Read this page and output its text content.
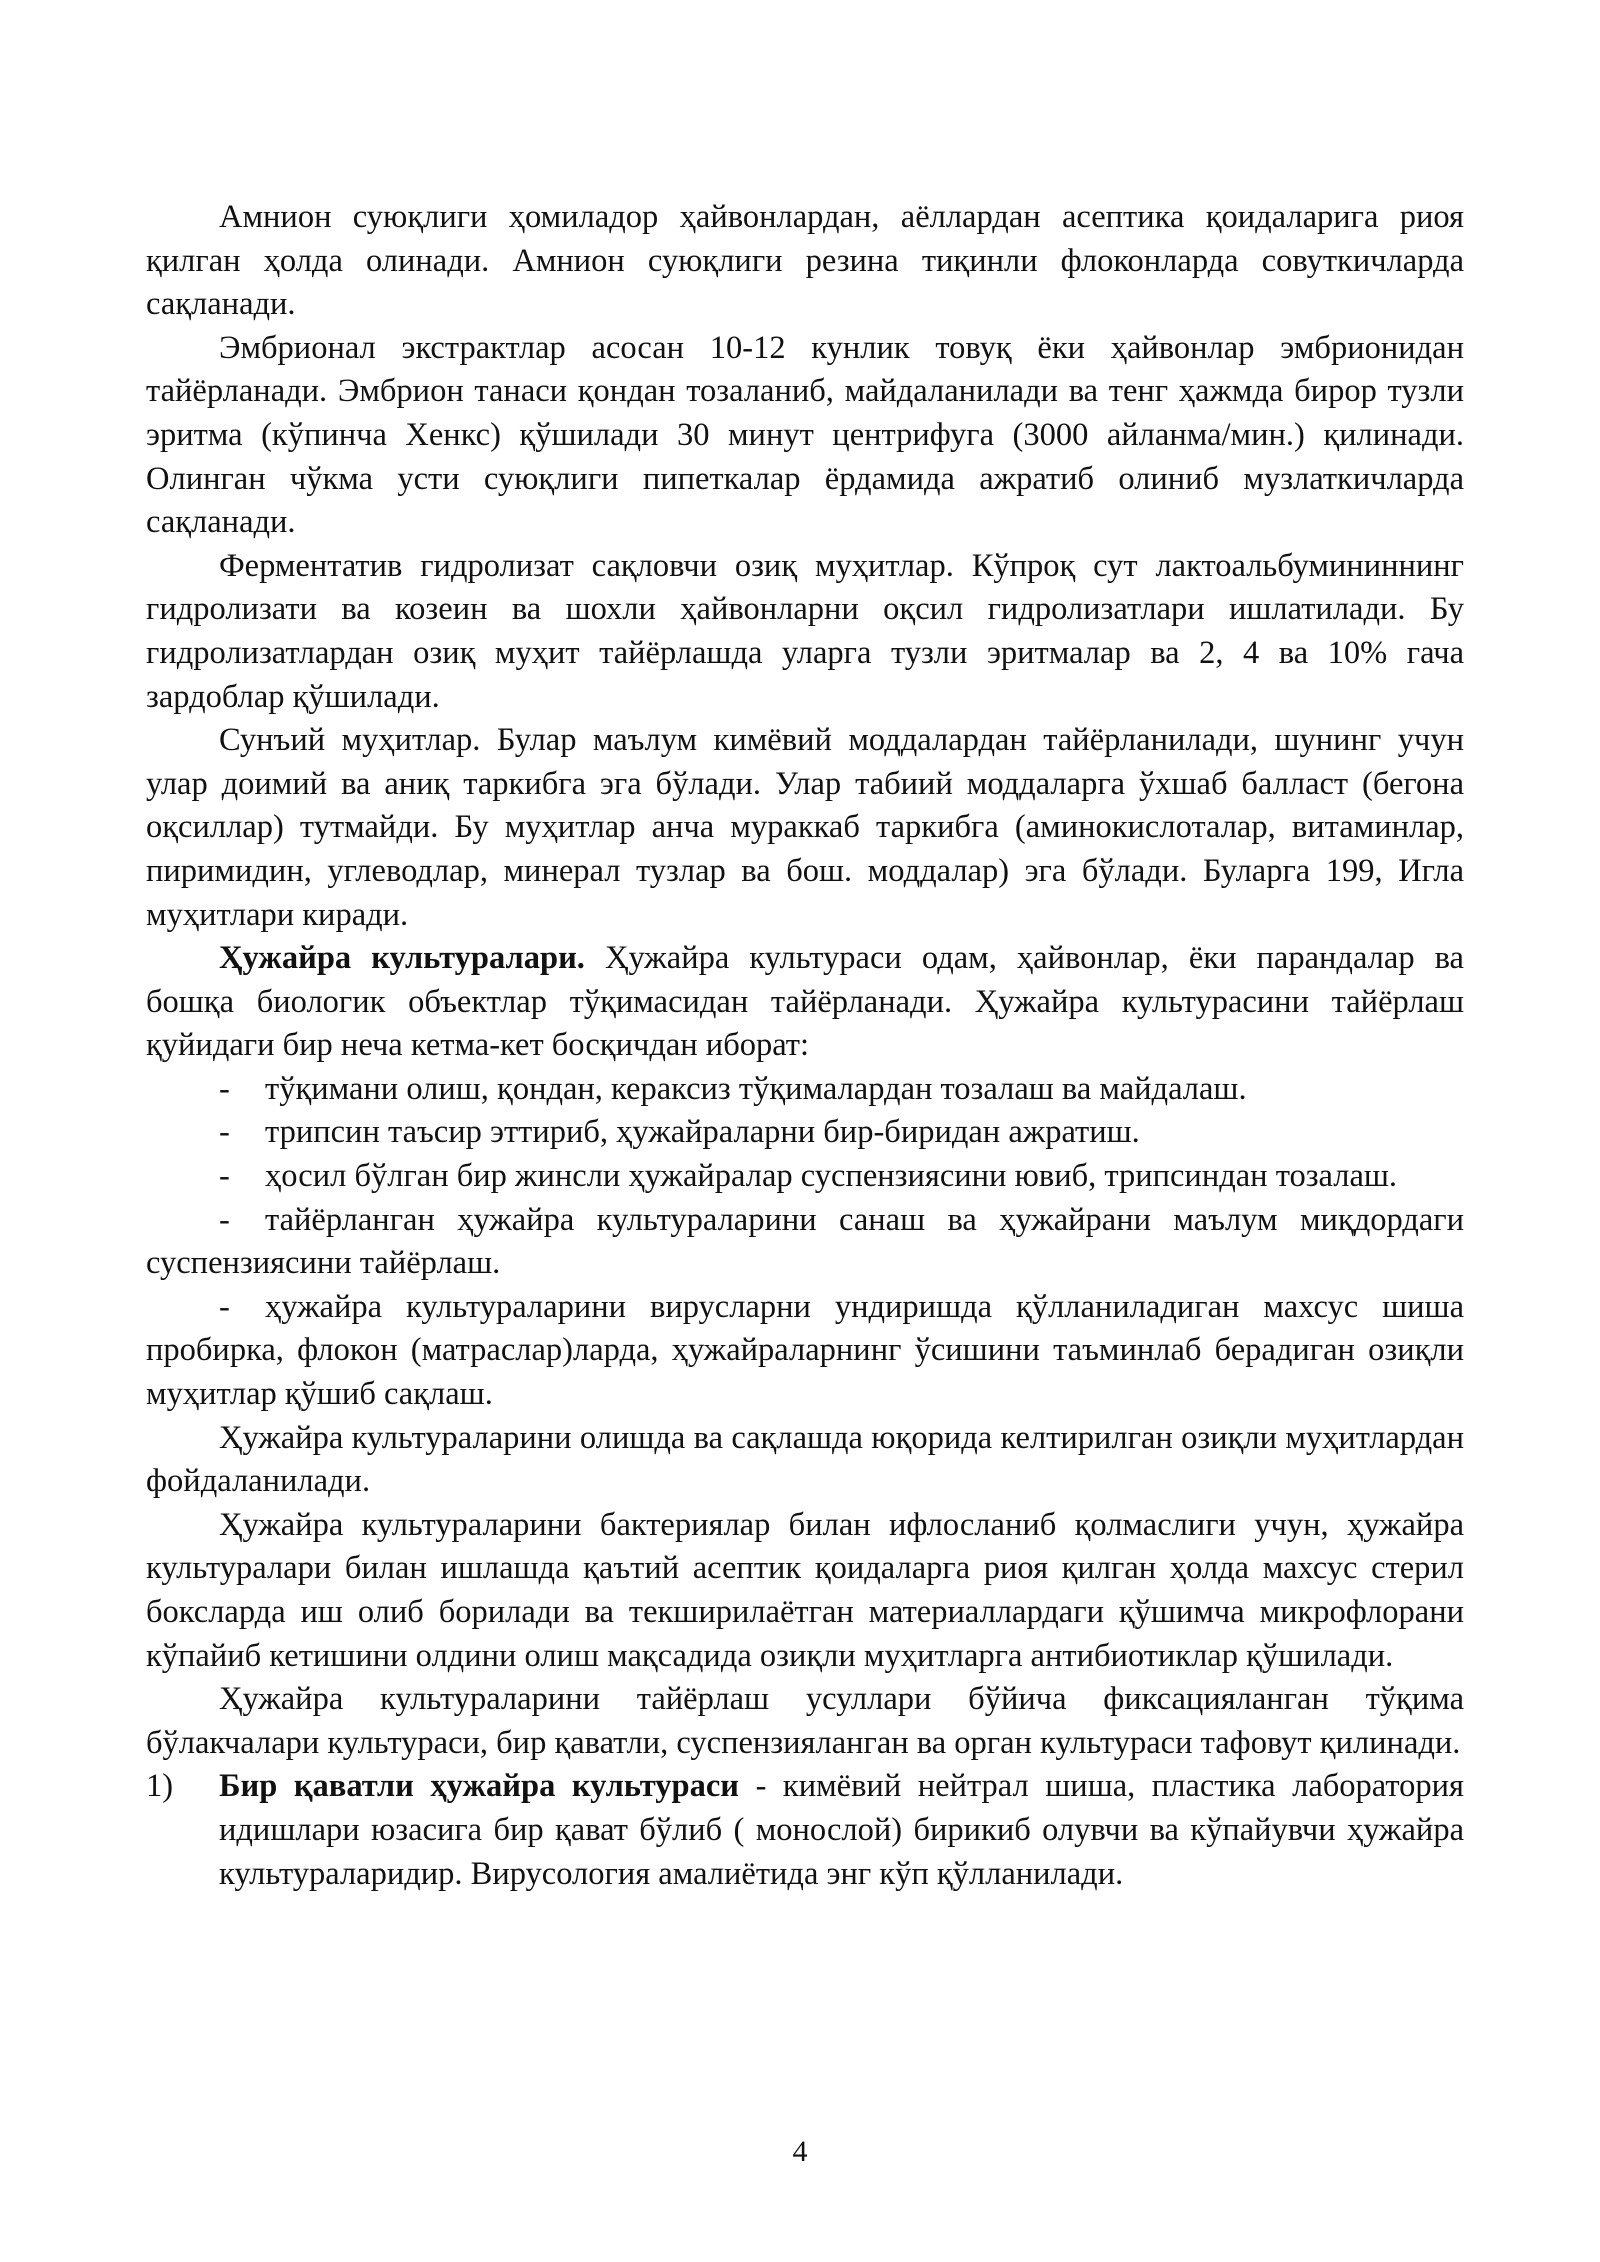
Амнион суюқлиги ҳомиладор ҳайвонлардан, аёллардан асептика қоидаларига риоя қилган ҳолда олинади. Амнион суюқлиги резина тиқинли флоконларда совуткичларда сақланади.

Эмбрионал экстрактлар асосан 10-12 кунлик товуқ ёки ҳайвонлар эмбрионидан тайёрланади. Эмбрион танаси қондан тозаланиб, майдаланилади ва тенг ҳажмда бирор тузли эритма (кўпинча Хенкс) қўшилади 30 минут центрифуга (3000 айланма/мин.) қилинади. Олинган чўкма усти суюқлиги пипеткалар ёрдамида ажратиб олиниб музлаткичларда сақланади.

Ферментатив гидролизат сақловчи озиқ муҳитлар. Кўпроқ сут лактоальбумининнинг гидролизати ва козеин ва шохли ҳайвонларни оқсил гидролизатлари ишлатилади. Бу гидролизатлардан озиқ муҳит тайёрлашда уларга тузли эритмалар ва 2, 4 ва 10% гача зардоблар қўшилади.

Сунъий муҳитлар. Булар маълум кимёвий моддалардан тайёрланилади, шунинг учун улар доимий ва аниқ таркибга эга бўлади. Улар табиий моддаларга ўхшаб балласт (бегона оқсиллар) тутмайди. Бу муҳитлар анча мураккаб таркибга (аминокислоталар, витаминлар, пиримидин, углеводлар, минерал тузлар ва бош. моддалар) эга бўлади. Буларга 199, Игла муҳитлари киради.

Ҳужайра культуралари. Ҳужайра культураси одам, ҳайвонлар, ёки парандалар ва бошқа биологик объектлар тўқимасидан тайёрланади. Ҳужайра культурасини тайёрлаш қуйидаги бир неча кетма-кет босқичдан иборат:

- тўқимани олиш, қондан, кераксиз тўқималардан тозалаш ва майдалаш.

- трипсин таъсир эттириб, ҳужайраларни бир-биридан ажратиш.

- ҳосил бўлган бир жинсли ҳужайралар суспензиясини ювиб, трипсиндан тозалаш.

- тайёрланган ҳужайра культураларини санаш ва ҳужайрани маълум миқдордаги суспензиясини тайёрлаш.

- ҳужайра культураларини вирусларни ундиришда қўлланиладиган махсус шиша пробирка, флокон (матраслар)ларда, ҳужайраларнинг ўсишини таъминлаб берадиган озиқли муҳитлар қўшиб сақлаш.

Ҳужайра культураларини олишда ва сақлашда юқорида келтирилган озиқли муҳитлардан фойдаланилади.

Ҳужайра культураларини бактериялар билан ифлосланиб қолмаслиги учун, ҳужайра культуралари билан ишлашда қаътий асептик қоидаларга риоя қилган ҳолда махсус стерил боксларда иш олиб борилади ва текширилаётган материаллардаги қўшимча микрофлорани кўпайиб кетишини олдини олиш мақсадида озиқли муҳитларга антибиотиклар қўшилади.

Ҳужайра культураларини тайёрлаш усуллари бўйича фиксацияланган тўқима бўлакчалари культураси, бир қаватли, суспензияланган ва орган культураси тафовут қилинади.

1) Бир қаватли ҳужайра культураси - кимёвий нейтрал шиша, пластика лаборатория идишлари юзасига бир қават бўлиб ( монослой) бирикиб олувчи ва кўпайувчи ҳужайра культураларидир. Вирусология амалиётида энг кўп қўлланилади.

4
